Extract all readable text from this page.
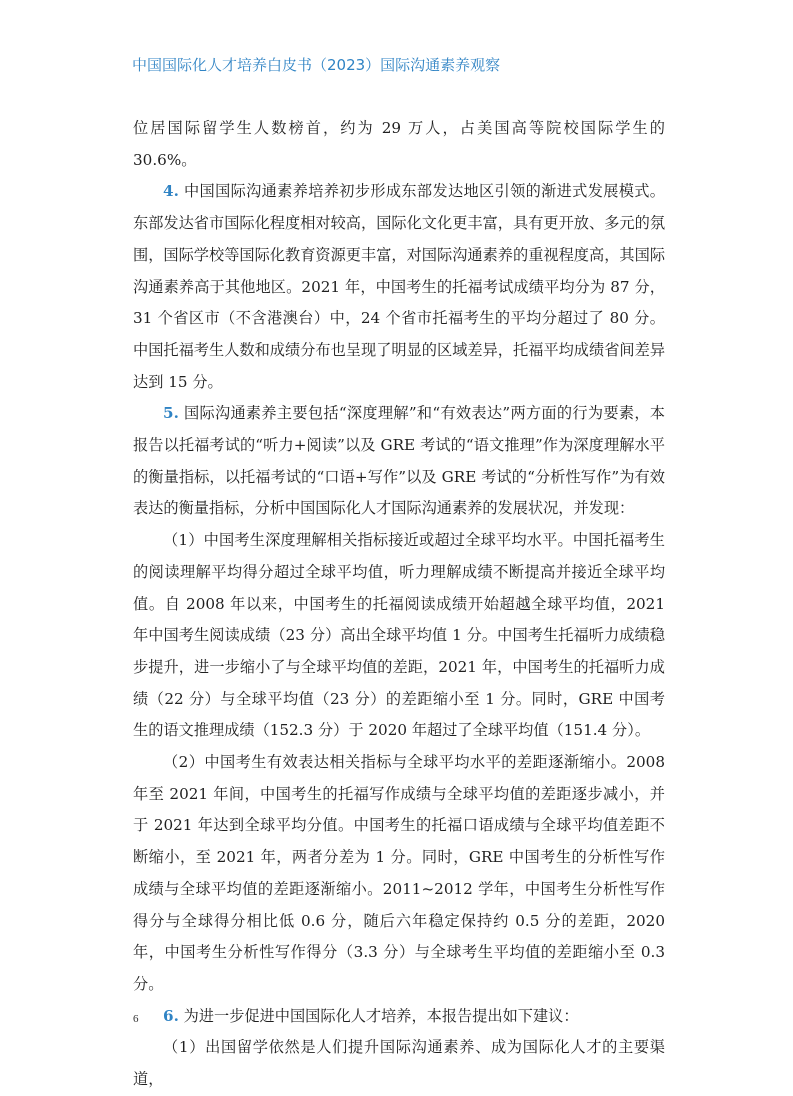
中国国际化人才培养白皮书（2023）国际沟通素养观察

位居国际留学生人数榜首，约为 29 万人，占美国高等院校国际学生的 30.6%。

4. 中国国际沟通素养培养初步形成东部发达地区引领的渐进式发展模式。东部发达省市国际化程度相对较高，国际化文化更丰富，具有更开放、多元的氛围，国际学校等国际化教育资源更丰富，对国际沟通素养的重视程度高，其国际沟通素养高于其他地区。2021 年，中国考生的托福考试成绩平均分为 87 分，31 个省区市（不含港澳台）中，24 个省市托福考生的平均分超过了 80 分。中国托福考生人数和成绩分布也呈现了明显的区域差异，托福平均成绩省间差异达到 15 分。

5. 国际沟通素养主要包括“深度理解”和“有效表达”两方面的行为要素，本报告以托福考试的“听力+阅读”以及 GRE 考试的“语文推理”作为深度理解水平的衡量指标，以托福考试的“口语+写作”以及 GRE 考试的“分析性写作”为有效表达的衡量指标，分析中国国际化人才国际沟通素养的发展状况，并发现：

（1）中国考生深度理解相关指标接近或超过全球平均水平。中国托福考生的阅读理解平均得分超过全球平均值，听力理解成绩不断提高并接近全球平均值。自 2008 年以来，中国考生的托福阅读成绩开始超越全球平均值，2021 年中国考生阅读成绩（23 分）高出全球平均值 1 分。中国考生托福听力成绩稳步提升，进一步缩小了与全球平均值的差距，2021 年，中国考生的托福听力成绩（22 分）与全球平均值（23 分）的差距缩小至 1 分。同时，GRE 中国考生的语文推理成绩（152.3 分）于 2020 年超过了全球平均值（151.4 分）。

（2）中国考生有效表达相关指标与全球平均水平的差距逐渐缩小。2008 年至 2021 年间，中国考生的托福写作成绩与全球平均值的差距逐步减小，并于 2021 年达到全球平均分值。中国考生的托福口语成绩与全球平均值差距不断缩小，至 2021 年，两者分差为 1 分。同时，GRE 中国考生的分析性写作成绩与全球平均值的差距逐渐缩小。2011~2012 学年，中国考生分析性写作得分与全球得分相比低 0.6 分，随后六年稳定保持约 0.5 分的差距，2020 年，中国考生分析性写作得分（3.3 分）与全球考生平均值的差距缩小至 0.3 分。

6. 为进一步促进中国国际化人才培养，本报告提出如下建议：

（1）出国留学依然是人们提升国际沟通素养、成为国际化人才的主要渠道，

6
